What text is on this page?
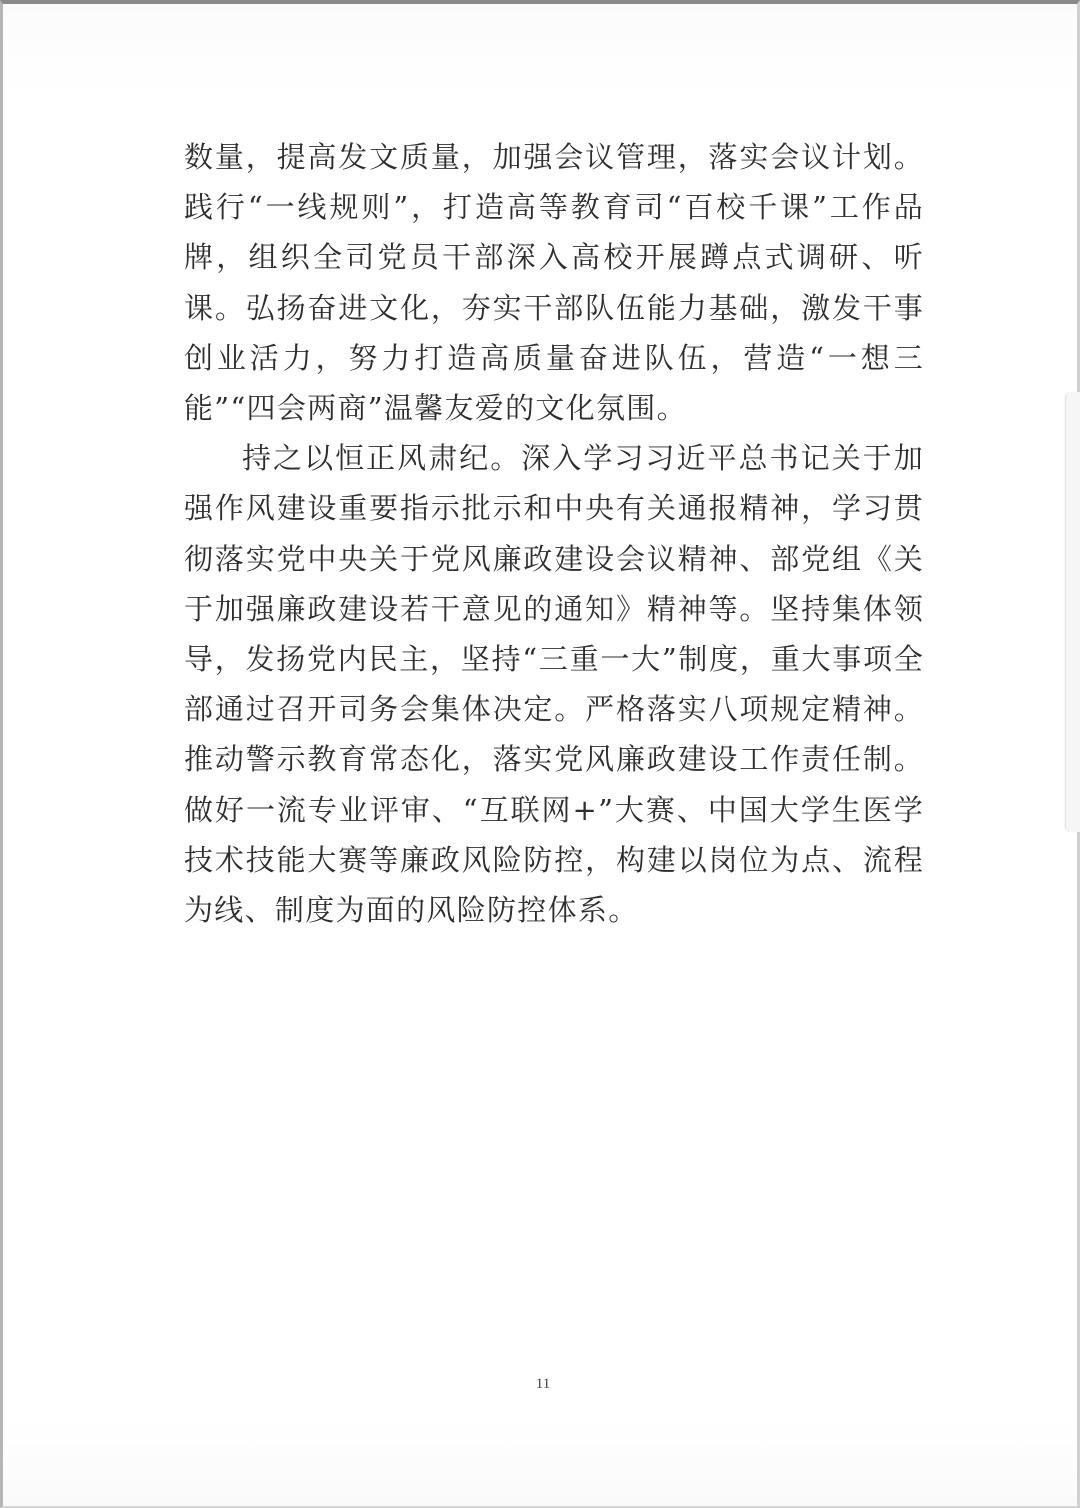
数量，提高发文质量，加强会议管理，落实会议计划。践行“一线规则”，打造高等教育司“百校千课”工作品牌，组织全司党员干部深入高校开展蹲点式调研、听课。弘扬奋进文化，夯实干部队伍能力基础，激发干事创业活力，努力打造高质量奋进队伍，营造“一想三能”“四会两商”温馨友爱的文化氛围。

持之以恒正风肃纪。深入学习习近平总书记关于加强作风建设重要指示批示和中央有关通报精神，学习贯彻落实党中央关于党风廉政建设会议精神、部党组《关于加强廉政建设若干意见的通知》精神等。坚持集体领导，发扬党内民主，坚持“三重一大”制度，重大事项全部通过召开司务会集体决定。严格落实八项规定精神。推动警示教育常态化，落实党风廉政建设工作责任制。做好一流专业评审、“互联网+”大赛、中国大学生医学技术技能大赛等廉政风险防控，构建以岗位为点、流程为线、制度为面的风险防控体系。

11
